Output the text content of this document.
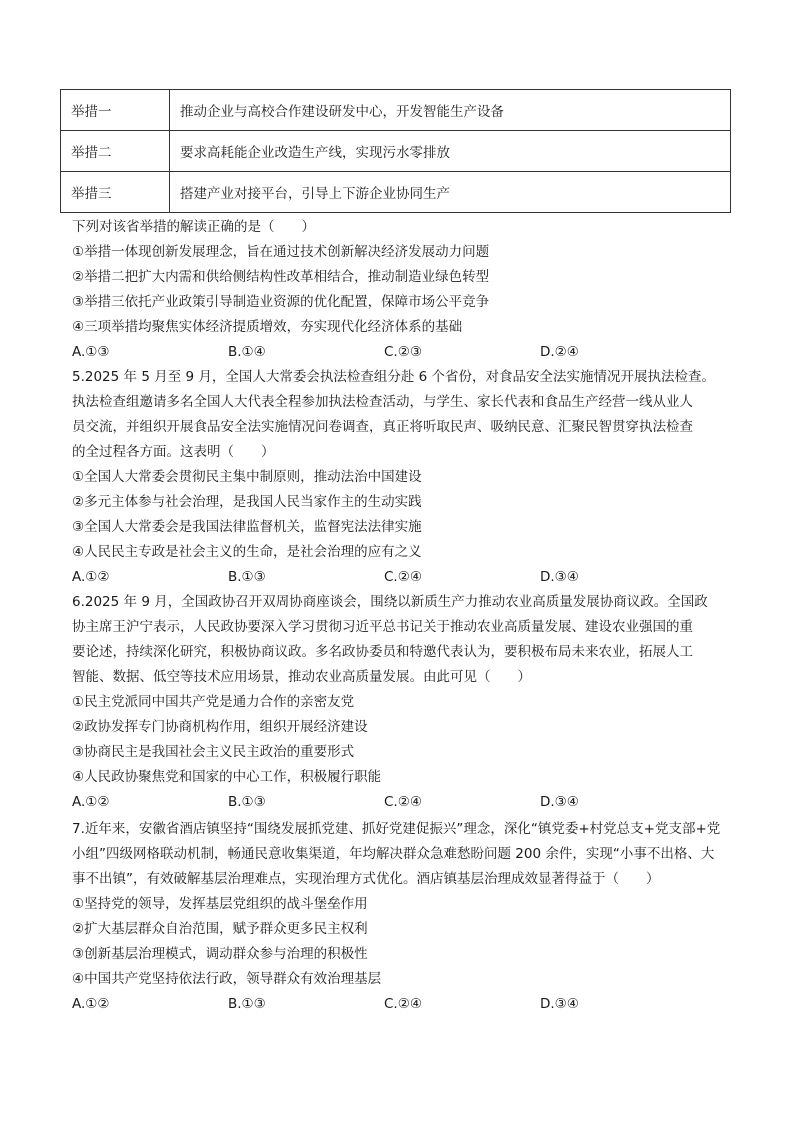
举措一	推动企业与高校合作建设研发中心，开发智能生产设备
举措二	要求高耗能企业改造生产线，实现污水零排放
举措三	搭建产业对接平台，引导上下游企业协同生产
下列对该省举措的解读正确的是（　　）
①举措一体现创新发展理念，旨在通过技术创新解决经济发展动力问题
②举措二把扩大内需和供给侧结构性改革相结合，推动制造业绿色转型
③举措三依托产业政策引导制造业资源的优化配置，保障市场公平竞争
④三项举措均聚焦实体经济提质增效，夯实现代化经济体系的基础
A.①③	B.①④	C.②③	D.②④
5.2025 年 5 月至 9 月，全国人大常委会执法检查组分赴 6 个省份，对食品安全法实施情况开展执法检查。
执法检查组邀请多名全国人大代表全程参加执法检查活动，与学生、家长代表和食品生产经营一线从业人
员交流，并组织开展食品安全法实施情况问卷调查，真正将听取民声、吸纳民意、汇聚民智贯穿执法检查
的全过程各方面。这表明（　　）
①全国人大常委会贯彻民主集中制原则，推动法治中国建设
②多元主体参与社会治理，是我国人民当家作主的生动实践
③全国人大常委会是我国法律监督机关，监督宪法法律实施
④人民民主专政是社会主义的生命，是社会治理的应有之义
A.①②	B.①③	C.②④	D.③④
6.2025 年 9 月，全国政协召开双周协商座谈会，围绕以新质生产力推动农业高质量发展协商议政。全国政
协主席王沪宁表示，人民政协要深入学习贯彻习近平总书记关于推动农业高质量发展、建设农业强国的重
要论述，持续深化研究，积极协商议政。多名政协委员和特邀代表认为，要积极布局未来农业，拓展人工
智能、数据、低空等技术应用场景，推动农业高质量发展。由此可见（　　）
①民主党派同中国共产党是通力合作的亲密友党
②政协发挥专门协商机构作用，组织开展经济建设
③协商民主是我国社会主义民主政治的重要形式
④人民政协聚焦党和国家的中心工作，积极履行职能
A.①②	B.①③	C.②④	D.③④
7.近年来，安徽省酒店镇坚持“围绕发展抓党建、抓好党建促振兴”理念，深化“镇党委+村党总支+党支部+党
小组”四级网格联动机制，畅通民意收集渠道，年均解决群众急难愁盼问题 200 余件，实现“小事不出格、大
事不出镇”，有效破解基层治理难点，实现治理方式优化。酒店镇基层治理成效显著得益于（　　）
①坚持党的领导，发挥基层党组织的战斗堡垒作用
②扩大基层群众自治范围，赋予群众更多民主权利
③创新基层治理模式，调动群众参与治理的积极性
④中国共产党坚持依法行政，领导群众有效治理基层
A.①②	B.①③	C.②④	D.③④
